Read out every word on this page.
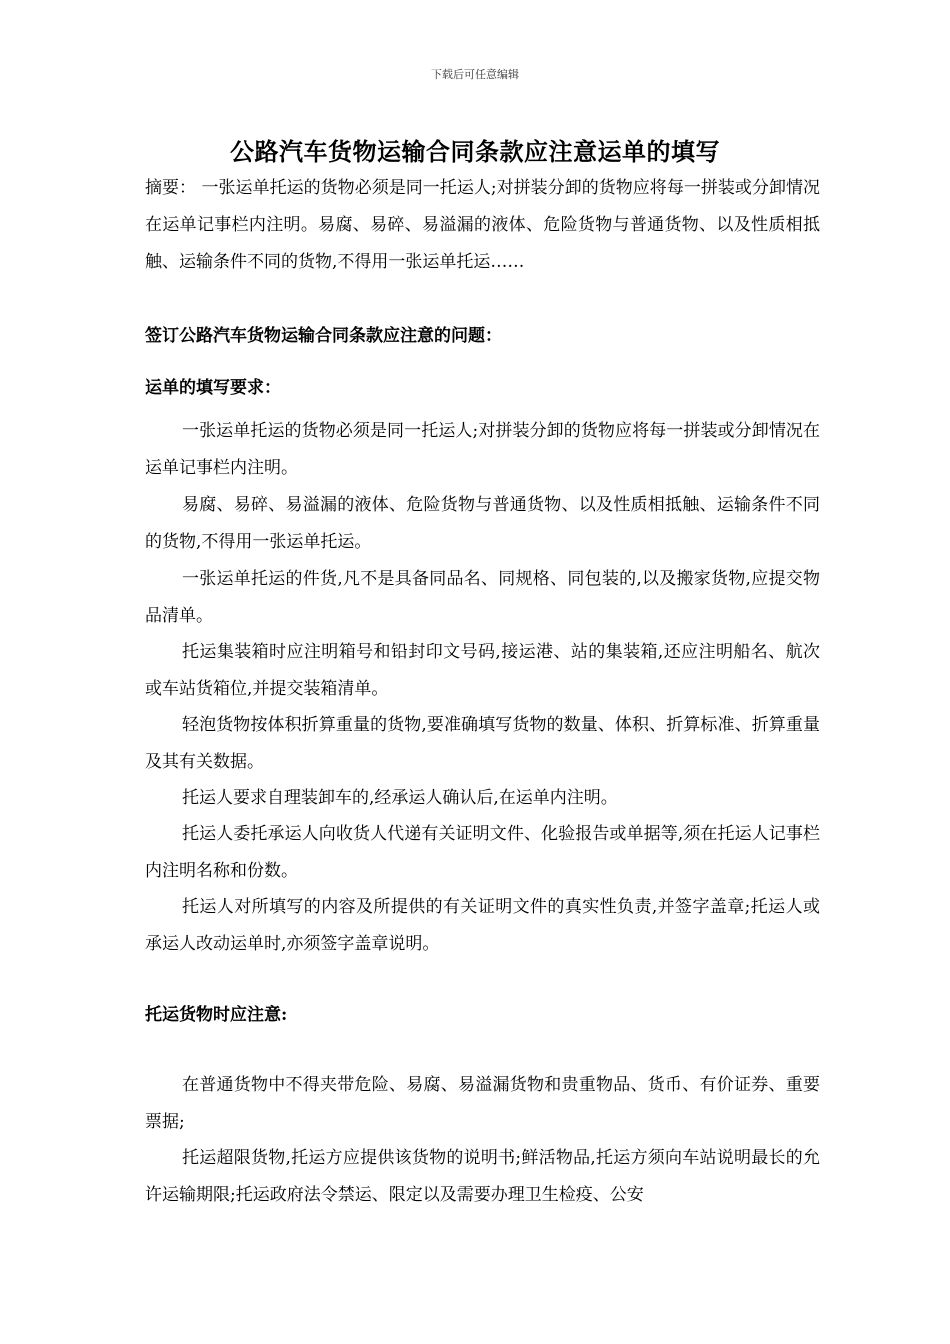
下载后可任意编辑
公路汽车货物运输合同条款应注意运单的填写
摘要： 一张运单托运的货物必须是同一托运人;对拼装分卸的货物应将每一拼装或分卸情况在运单记事栏内注明。易腐、易碎、易溢漏的液体、危险货物与普通货物、以及性质相抵触、运输条件不同的货物,不得用一张运单托运……
签订公路汽车货物运输合同条款应注意的问题：
运单的填写要求：
一张运单托运的货物必须是同一托运人;对拼装分卸的货物应将每一拼装或分卸情况在运单记事栏内注明。
易腐、易碎、易溢漏的液体、危险货物与普通货物、以及性质相抵触、运输条件不同的货物,不得用一张运单托运。
一张运单托运的件货,凡不是具备同品名、同规格、同包装的,以及搬家货物,应提交物品清单。
托运集装箱时应注明箱号和铅封印文号码,接运港、站的集装箱,还应注明船名、航次或车站货箱位,并提交装箱清单。
轻泡货物按体积折算重量的货物,要准确填写货物的数量、体积、折算标准、折算重量及其有关数据。
托运人要求自理装卸车的,经承运人确认后,在运单内注明。
托运人委托承运人向收货人代递有关证明文件、化验报告或单据等,须在托运人记事栏内注明名称和份数。
托运人对所填写的内容及所提供的有关证明文件的真实性负责,并签字盖章;托运人或承运人改动运单时,亦须签字盖章说明。
托运货物时应注意:
在普通货物中不得夹带危险、易腐、易溢漏货物和贵重物品、货币、有价证券、重要票据;
托运超限货物,托运方应提供该货物的说明书;鲜活物品,托运方须向车站说明最长的允许运输期限;托运政府法令禁运、限定以及需要办理卫生检疫、公安
